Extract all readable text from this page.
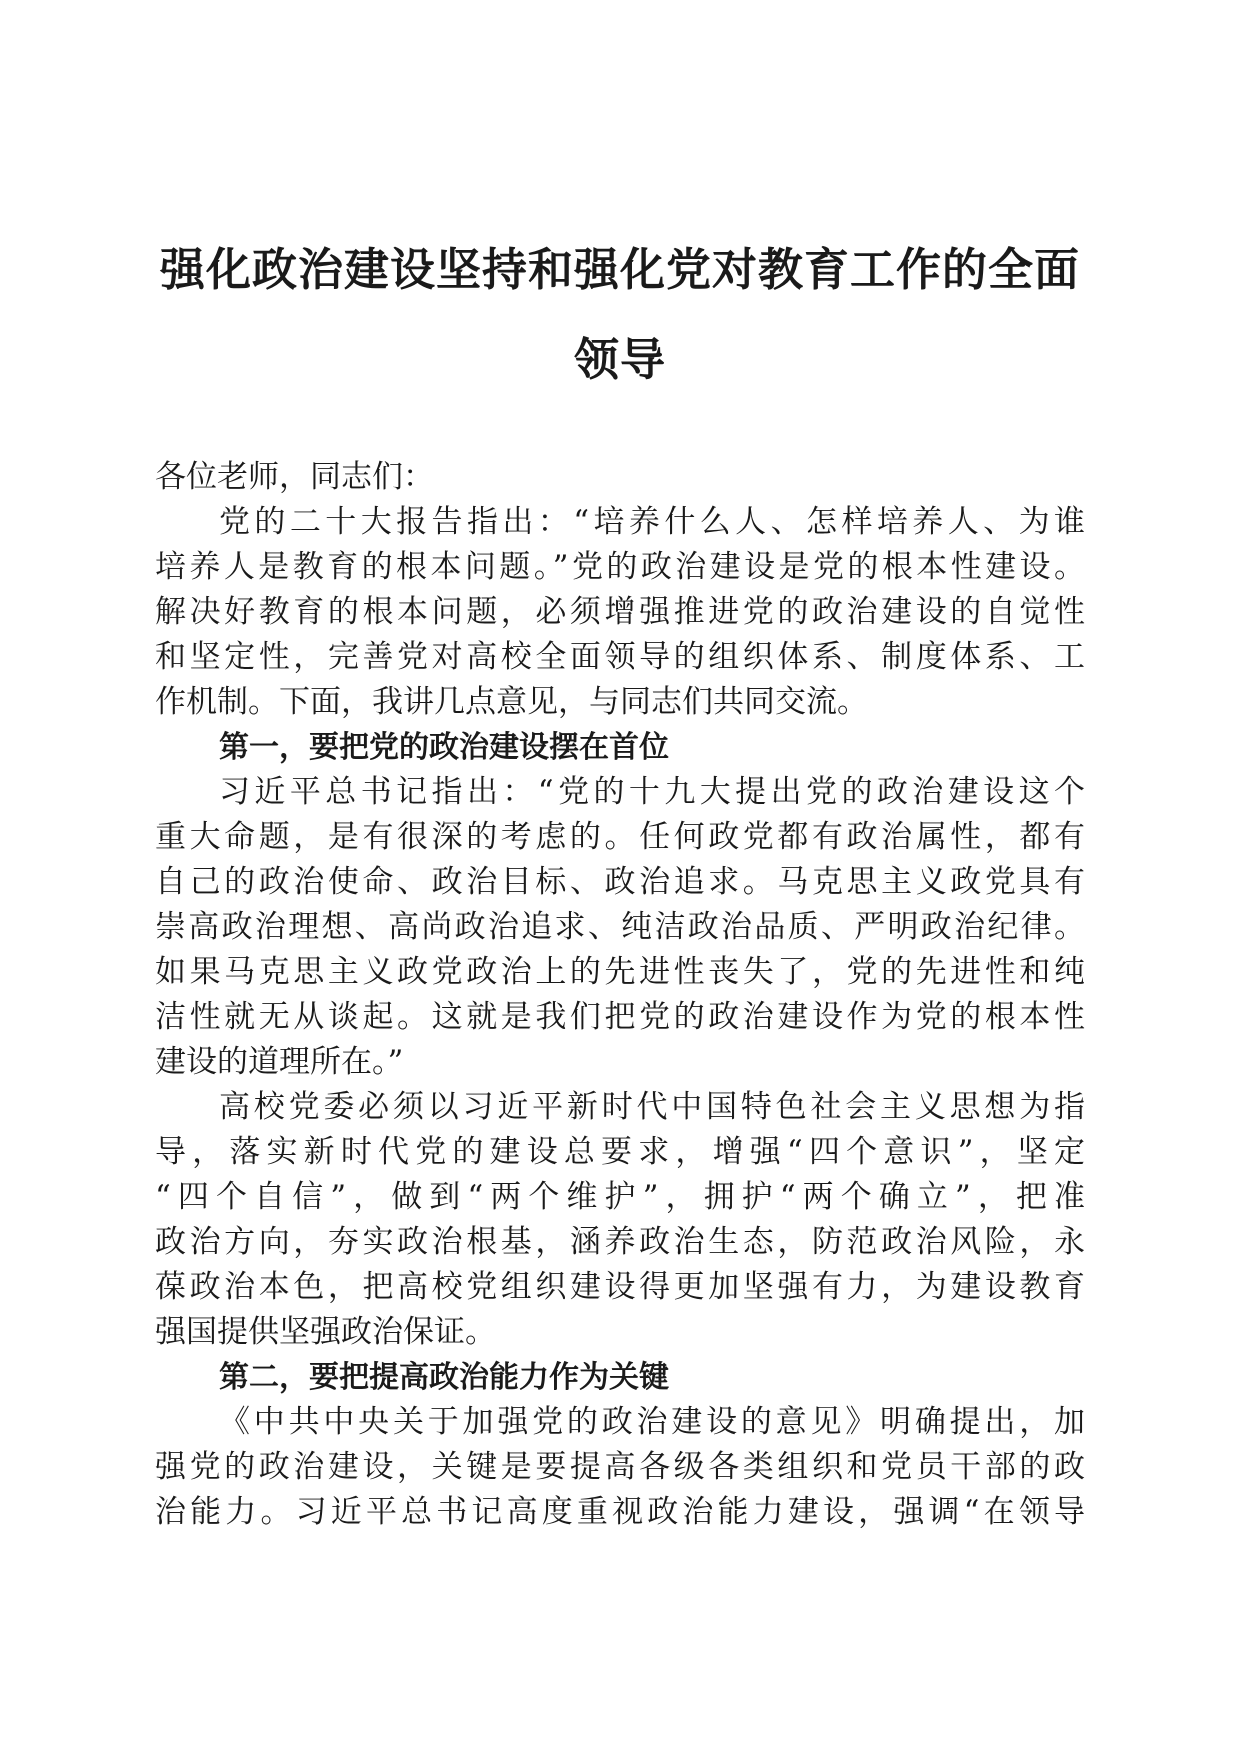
强化政治建设坚持和强化党对教育工作的全面
领导
各位老师，同志们：
党的二十大报告指出：“培养什么人、怎样培养人、为谁
培养人是教育的根本问题。”党的政治建设是党的根本性建设。
解决好教育的根本问题，必须增强推进党的政治建设的自觉性
和坚定性，完善党对高校全面领导的组织体系、制度体系、工
作机制。下面，我讲几点意见，与同志们共同交流。
第一，要把党的政治建设摆在首位
习近平总书记指出：“党的十九大提出党的政治建设这个
重大命题，是有很深的考虑的。任何政党都有政治属性，都有
自己的政治使命、政治目标、政治追求。马克思主义政党具有
崇高政治理想、高尚政治追求、纯洁政治品质、严明政治纪律。
如果马克思主义政党政治上的先进性丧失了，党的先进性和纯
洁性就无从谈起。这就是我们把党的政治建设作为党的根本性
建设的道理所在。”
高校党委必须以习近平新时代中国特色社会主义思想为指
导，落实新时代党的建设总要求，增强“四个意识”，坚定
“四个自信”，做到“两个维护”，拥护“两个确立”，把准
政治方向，夯实政治根基，涵养政治生态，防范政治风险，永
葆政治本色，把高校党组织建设得更加坚强有力，为建设教育
强国提供坚强政治保证。
第二，要把提高政治能力作为关键
《中共中央关于加强党的政治建设的意见》明确提出，加
强党的政治建设，关键是要提高各级各类组织和党员干部的政
治能力。习近平总书记高度重视政治能力建设，强调“在领导
